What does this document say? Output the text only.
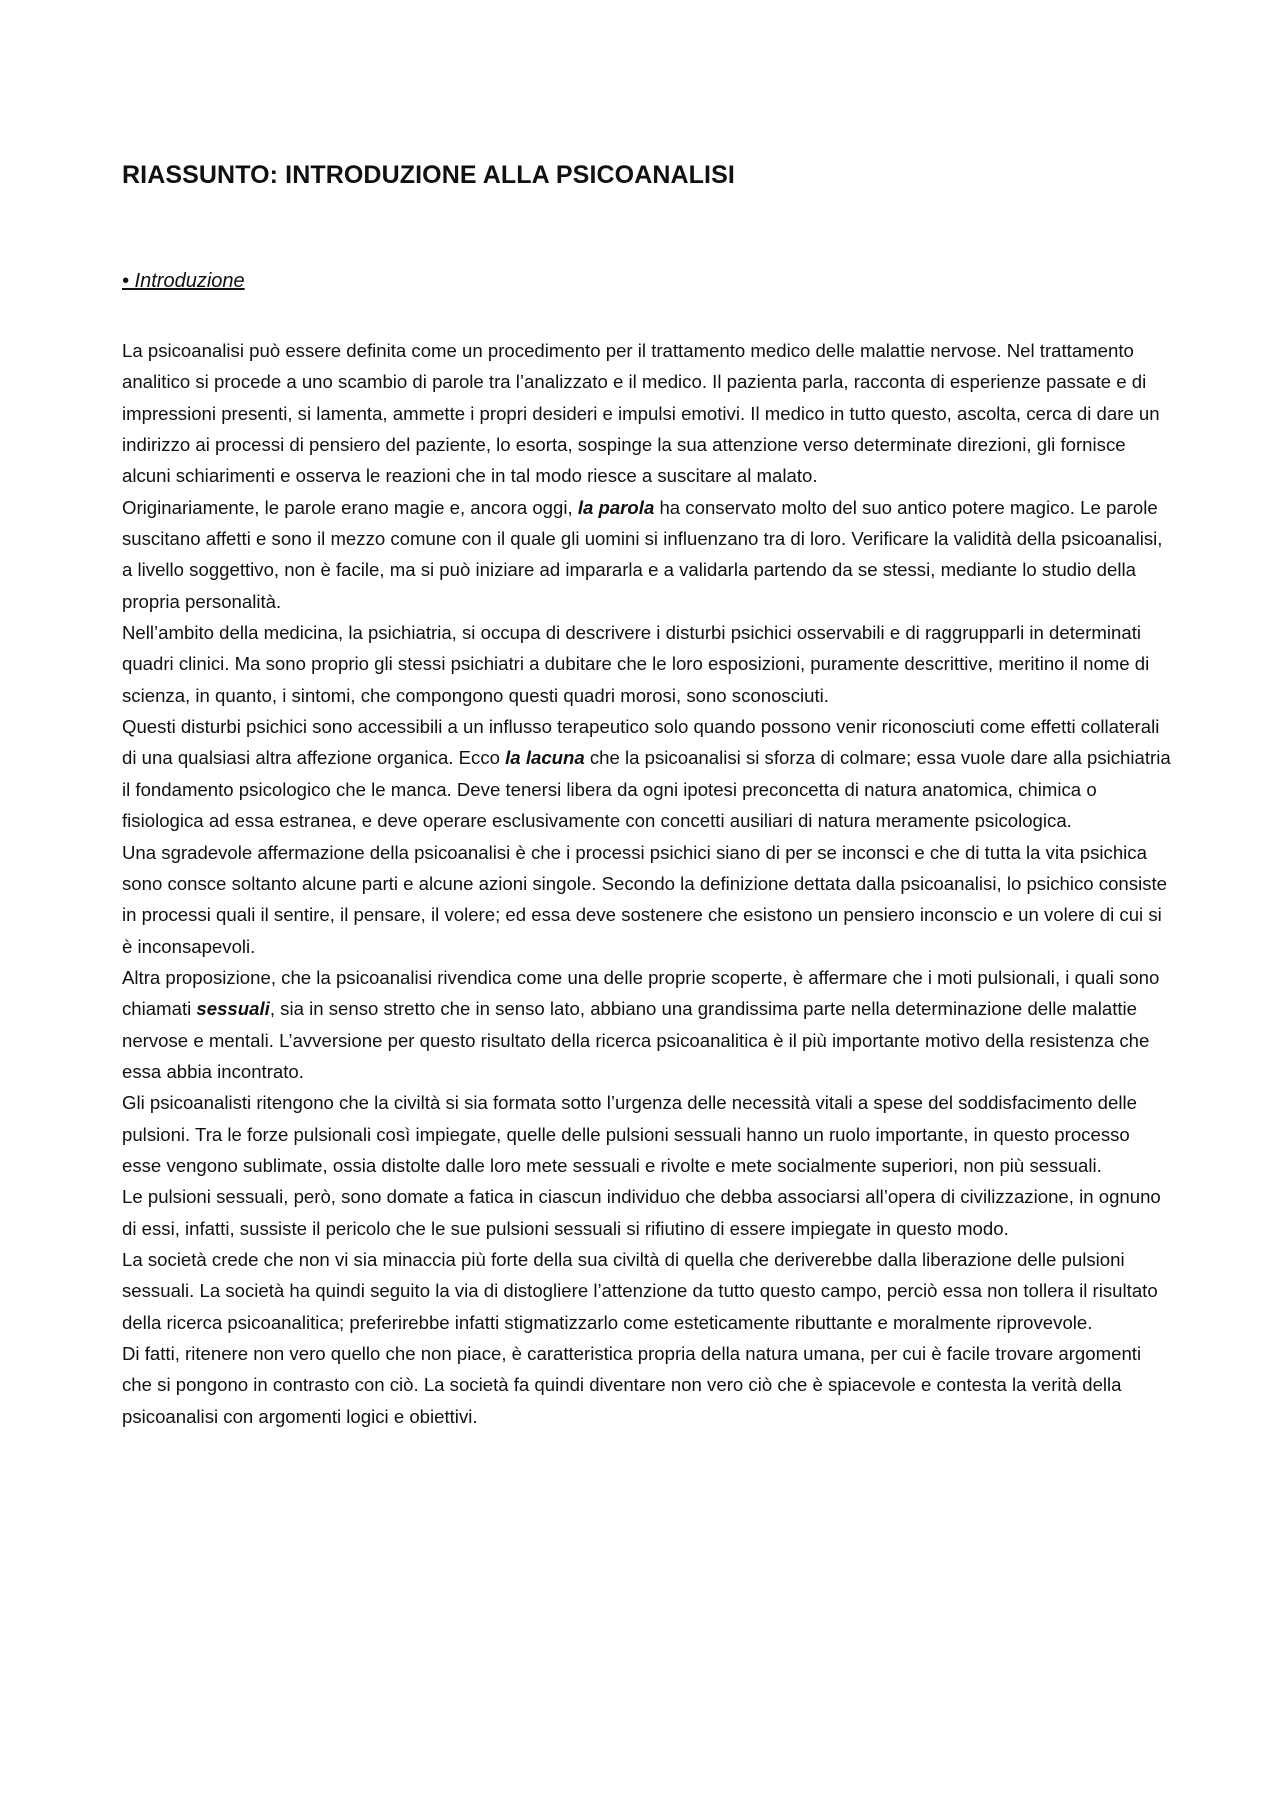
RIASSUNTO: INTRODUZIONE ALLA PSICOANALISI
• Introduzione

La psicoanalisi può essere definita come un procedimento per il trattamento medico delle malattie nervose. Nel trattamento analitico si procede a uno scambio di parole tra l’analizzato e il medico. Il pazienta parla, racconta di esperienze passate e di impressioni presenti, si lamenta, ammette i propri desideri e impulsi emotivi. Il medico in tutto questo, ascolta, cerca di dare un indirizzo ai processi di pensiero del paziente, lo esorta, sospinge la sua attenzione verso determinate direzioni, gli fornisce alcuni schiarimenti e osserva le reazioni che in tal modo riesce a suscitare al malato.

Originariamente, le parole erano magie e, ancora oggi, la parola ha conservato molto del suo antico potere magico. Le parole suscitano affetti e sono il mezzo comune con il quale gli uomini si influenzano tra di loro. Verificare la validità della psicoanalisi, a livello soggettivo, non è facile, ma si può iniziare ad impararla e a validarla partendo da se stessi, mediante lo studio della propria personalità.

Nell’ambito della medicina, la psichiatria, si occupa di descrivere i disturbi psichici osservabili e di raggrupparli in determinati quadri clinici. Ma sono proprio gli stessi psichiatri a dubitare che le loro esposizioni, puramente descrittive, meritino il nome di scienza, in quanto, i sintomi, che compongono questi quadri morosi, sono sconosciuti.

Questi disturbi psichici sono accessibili a un influsso terapeutico solo quando possono venir riconosciuti come effetti collaterali di una qualsiasi altra affezione organica. Ecco la lacuna che la psicoanalisi si sforza di colmare; essa vuole dare alla psichiatria il fondamento psicologico che le manca. Deve tenersi libera da ogni ipotesi preconcetta di natura anatomica, chimica o fisiologica ad essa estranea, e deve operare esclusivamente con concetti ausiliari di natura meramente psicologica.

Una sgradevole affermazione della psicoanalisi è che i processi psichici siano di per se inconsci e che di tutta la vita psichica sono consce soltanto alcune parti e alcune azioni singole. Secondo la definizione dettata dalla psicoanalisi, lo psichico consiste in processi quali il sentire, il pensare, il volere; ed essa deve sostenere che esistono un pensiero inconscio e un volere di cui si è inconsapevoli.

Altra proposizione, che la psicoanalisi rivendica come una delle proprie scoperte, è affermare che i moti pulsionali, i quali sono chiamati sessuali, sia in senso stretto che in senso lato, abbiano una grandissima parte nella determinazione delle malattie nervose e mentali. L’avversione per questo risultato della ricerca psicoanalitica è il più importante motivo della resistenza che essa abbia incontrato.

Gli psicoanalisti ritengono che la civiltà si sia formata sotto l’urgenza delle necessità vitali a spese del soddisfacimento delle pulsioni. Tra le forze pulsionali così impiegate, quelle delle pulsioni sessuali hanno un ruolo importante, in questo processo esse vengono sublimate, ossia distolte dalle loro mete sessuali e rivolte e mete socialmente superiori, non più sessuali.

Le pulsioni sessuali, però, sono domate a fatica in ciascun individuo che debba associarsi all’opera di civilizzazione, in ognuno di essi, infatti, sussiste il pericolo che le sue pulsioni sessuali si rifiutino di essere impiegate in questo modo.

La società crede che non vi sia minaccia più forte della sua civiltà di quella che deriverebbe dalla liberazione delle pulsioni sessuali. La società ha quindi seguito la via di distogliere l’attenzione da tutto questo campo, perciò essa non tollera il risultato della ricerca psicoanalitica; preferirebbe infatti stigmatizzarlo come esteticamente ributtante e moralmente riprovevole.

Di fatti, ritenere non vero quello che non piace, è caratteristica propria della natura umana, per cui è facile trovare argomenti che si pongono in contrasto con ciò. La società fa quindi diventare non vero ciò che è spiacevole e contesta la verità della psicoanalisi con argomenti logici e obiettivi.
